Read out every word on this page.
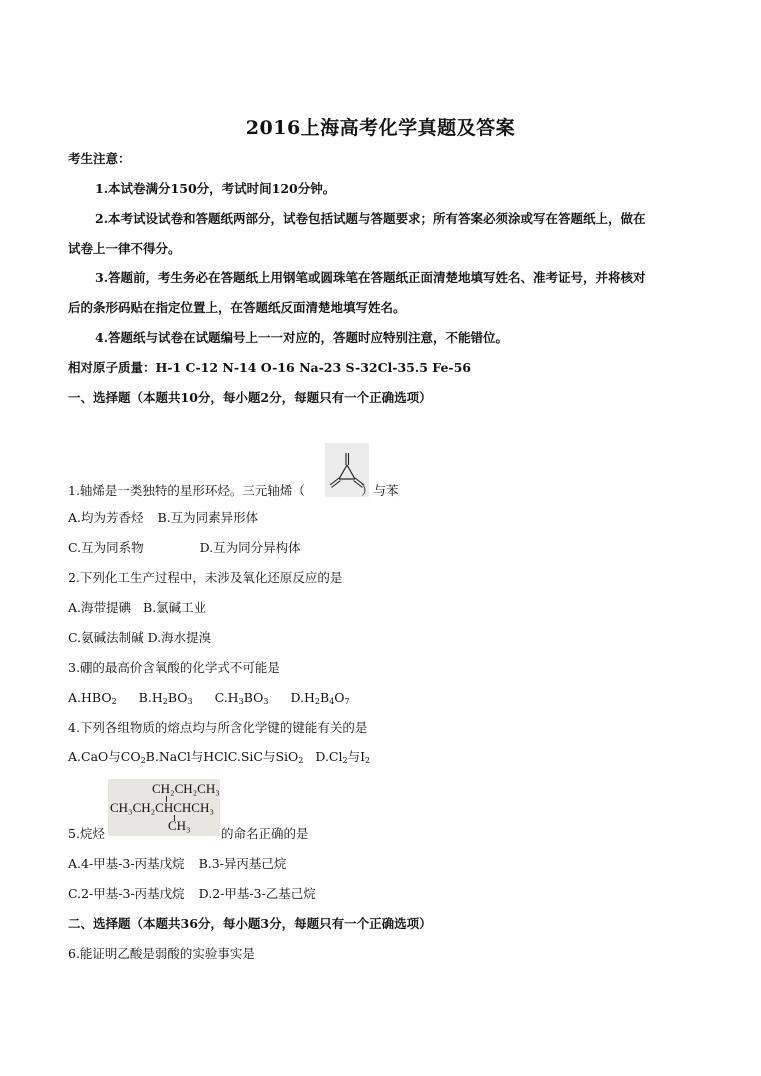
2016上海高考化学真题及答案
考生注意：
1.本试卷满分150分，考试时间120分钟。
2.本考试设试卷和答题纸两部分，试卷包括试题与答题要求；所有答案必须涂或写在答题纸上，做在
试卷上一律不得分。
3.答题前，考生务必在答题纸上用钢笔或圆珠笔在答题纸正面清楚地填写姓名、准考证号，并将核对
后的条形码贴在指定位置上，在答题纸反面清楚地填写姓名。
4.答题纸与试卷在试题编号上一一对应的，答题时应特别注意，不能错位。
相对原子质量：H-1 C-12 N-14 O-16 Na-23 S-32Cl-35.5 Fe-56
一、选择题（本题共10分，每小题2分，每题只有一个正确选项）
1.轴烯是一类独特的星形环烃。三元轴烯（	）与苯
A.均为芳香烃 B.互为同素异形体
C.互为同系物	D.互为同分异构体
2.下列化工生产过程中，未涉及氧化还原反应的是
A.海带提碘 B.氯碱工业
C.氨碱法制碱 D.海水提溴
3.硼的最高价含氧酸的化学式不可能是
$A.HBO_2$ $B.H_2BO_3$ $C.H_3BO_3$ $D.H_2B_4O_7$
4.下列各组物质的熔点均与所含化学键的键能有关的是
A.CaO与$CO_2B.NaCl$与HClC.SiC与SiO$_2$ $D.Cl_2$与$I_2$
CH₂CH₂CH₃
CH₃CH₂CHCHCH₃
CH₃
5.烷烃	的命名正确的是
A.4-甲基-3-丙基戊烷 B.3-异丙基己烷
C.2-甲基-3-丙基戊烷 D.2-甲基-3-乙基己烷
二、选择题（本题共36分，每小题3分，每题只有一个正确选项）
6.能证明乙酸是弱酸的实验事实是
